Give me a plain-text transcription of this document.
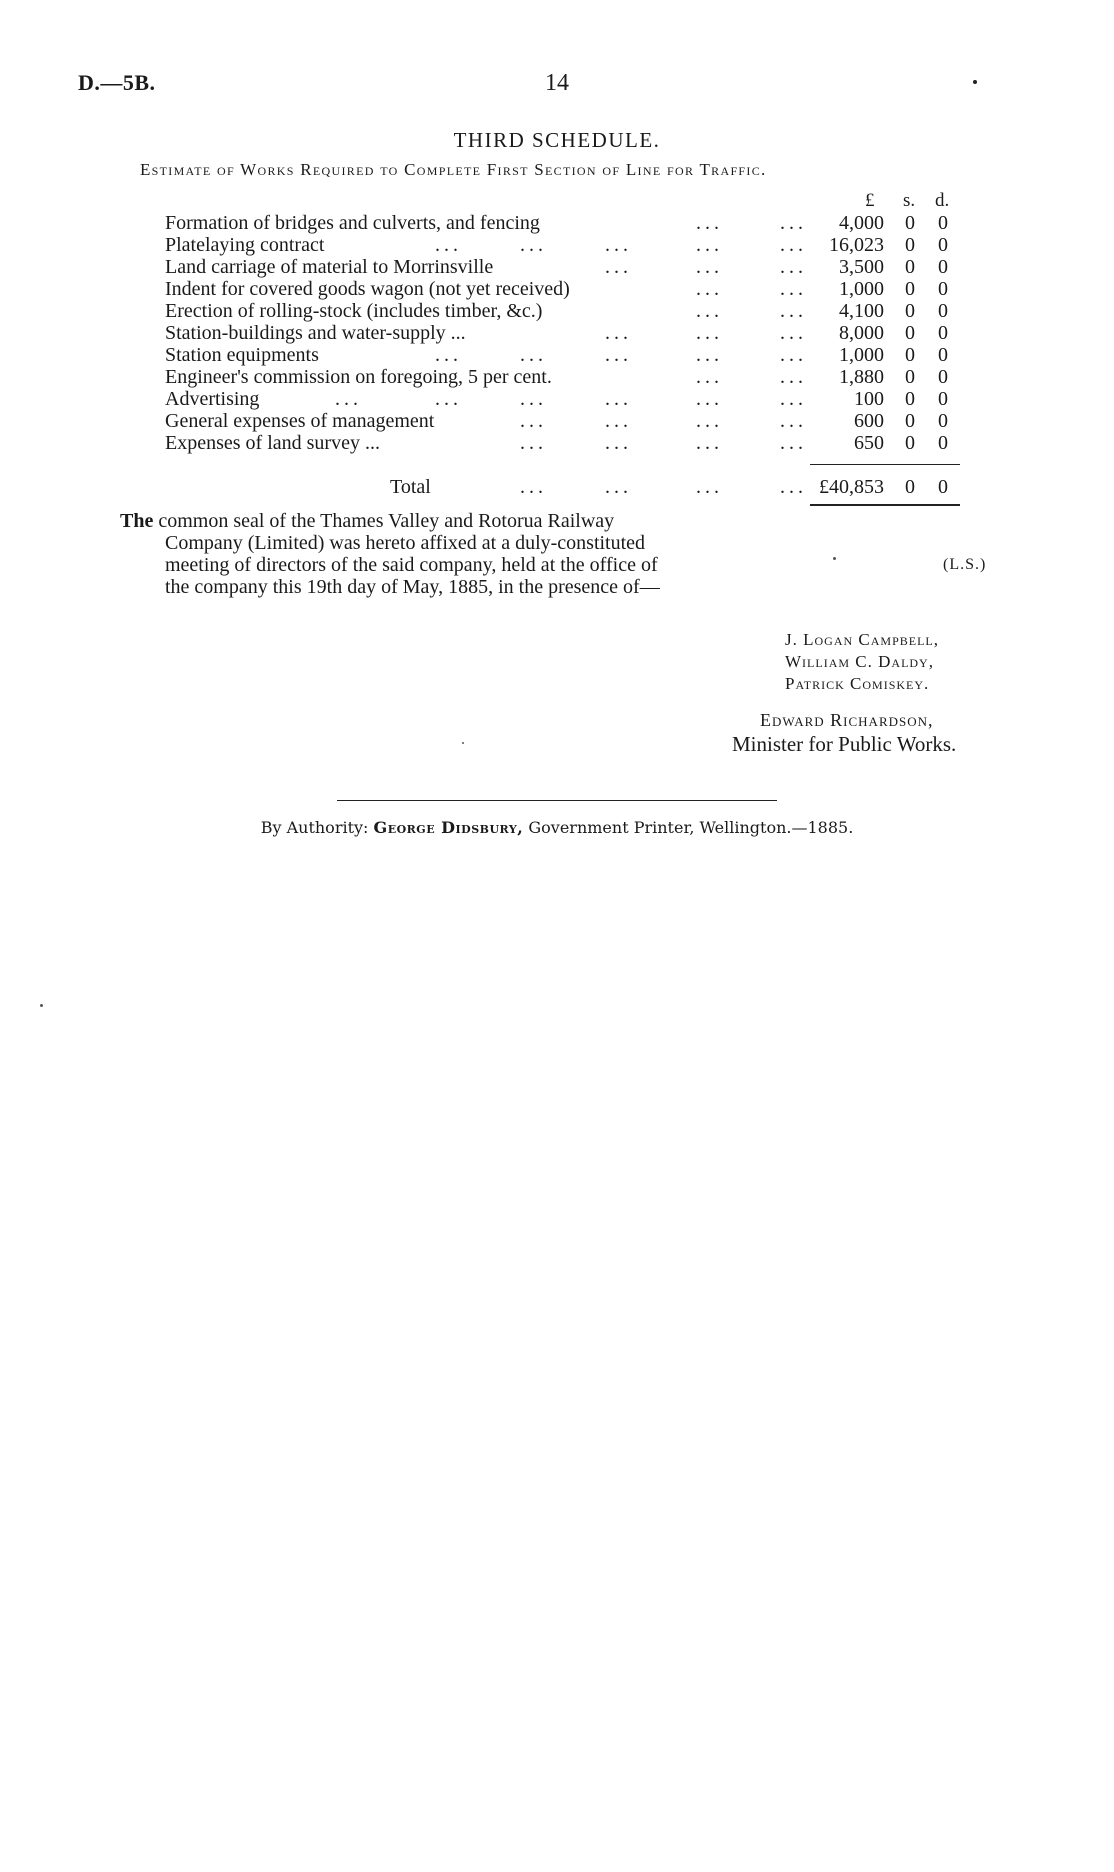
D.—5B.	14
THIRD SCHEDULE.
Estimate of Works Required to Complete First Section of Line for Traffic.
£ s. d.
Formation of bridges and culverts, and fencing	...	... 4,000 0 0
Platelaying contract	...	...	...	...	... 16,023 0 0
Land carriage of material to Morrinsville	...	...	... 3,500 0 0
Indent for covered goods wagon (not yet received)	...	... 1,000 0 0
Erection of rolling-stock (includes timber, &c.)	...	... 4,100 0 0
Station-buildings and water-supply ...	...	...	... 8,000 0 0
Station equipments	...	...	...	...	... 1,000 0 0
Engineer's commission on foregoing, 5 per cent.	...	... 1,880 0 0
Advertising	...	...	...	...	...	... 100 0 0
General expenses of management	...	...	...	... 600 0 0
Expenses of land survey ...	...	...	...	... 650 0 0
Total	...	...	...	... £40,853 0 0

The common seal of the Thames Valley and Rotorua Railway Company (Limited) was hereto affixed at a duly-constituted meeting of directors of the said company, held at the office of the company this 19th day of May, 1885, in the presence of—

(L.S.)
J. Logan Campbell,
William C. Daldy,
Patrick Comiskey.
Edward Richardson,
Minister for Public Works.
By Authority: George Didsbury, Government Printer, Wellington.—1885.
